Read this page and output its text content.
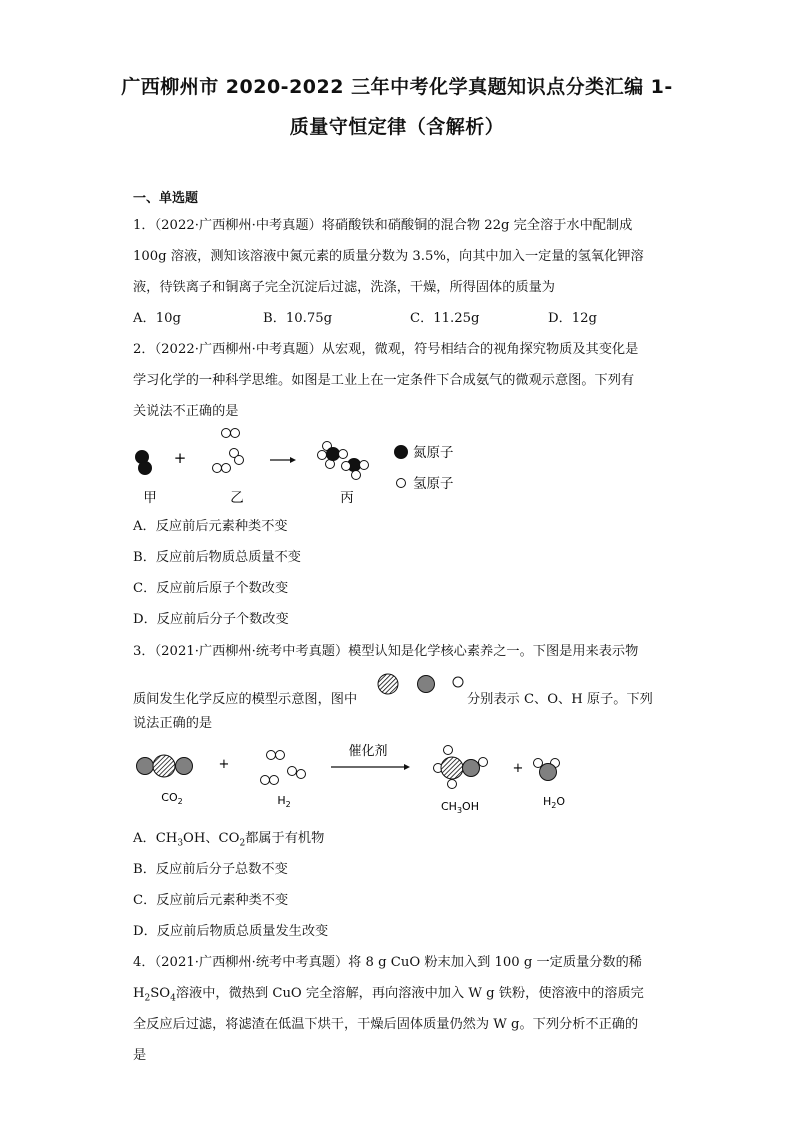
广西柳州市 2020-2022 三年中考化学真题知识点分类汇编 1-
质量守恒定律（含解析）
一、单选题
1．（2022·广西柳州·中考真题）将硝酸铁和硝酸铜的混合物 22g 完全溶于水中配制成
100g 溶液，测知该溶液中氮元素的质量分数为 3.5%，向其中加入一定量的氢氧化钾溶
液，待铁离子和铜离子完全沉淀后过滤，洗涤，干燥，所得固体的质量为
A．10g	B．10.75g	C．11.25g	D．12g
2．（2022·广西柳州·中考真题）从宏观，微观，符号相结合的视角探究物质及其变化是
学习化学的一种科学思维。如图是工业上在一定条件下合成氨气的微观示意图。下列有
关说法不正确的是
+	氮原子
氢原子
甲	乙	丙
A．反应前后元素种类不变
B．反应前后物质总质量不变
C．反应前后原子个数改变
D．反应前后分子个数改变
3．（2021·广西柳州·统考中考真题）模型认知是化学核心素养之一。下图是用来表示物
质间发生化学反应的模型示意图，图中	分别表示 C、O、H 原子。下列
说法正确的是
$CO_2$
+
$H_2$
催化剂
$CH_3OH$
+
$H_2O$
A．$CH_3OH$、$CO_2$都属于有机物
B．反应前后分子总数不变
C．反应前后元素种类不变
D．反应前后物质总质量发生改变
4．（2021·广西柳州·统考中考真题）将 8 g CuO 粉末加入到 100 g 一定质量分数的稀
$H_2SO_4$溶液中，微热到 CuO 完全溶解，再向溶液中加入 W g 铁粉，使溶液中的溶质完
全反应后过滤，将滤渣在低温下烘干，干燥后固体质量仍然为 W g。下列分析不正确的
是
